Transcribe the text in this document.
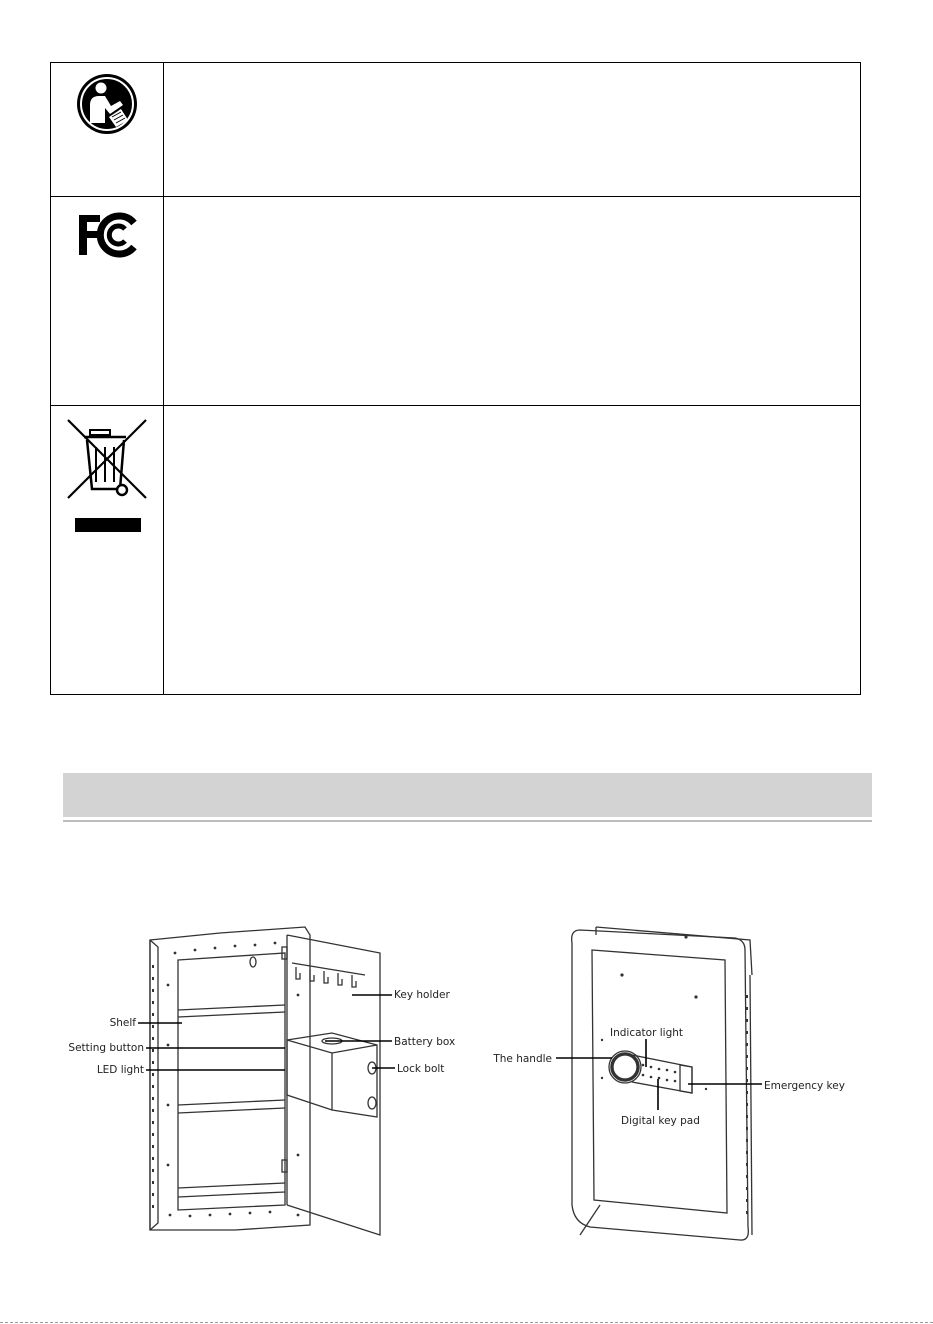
Key holder
Shelf
Battery box
Setting button
LED light	Lock bolt
Indicator light
The handle
Emergency key
Digital key pad
